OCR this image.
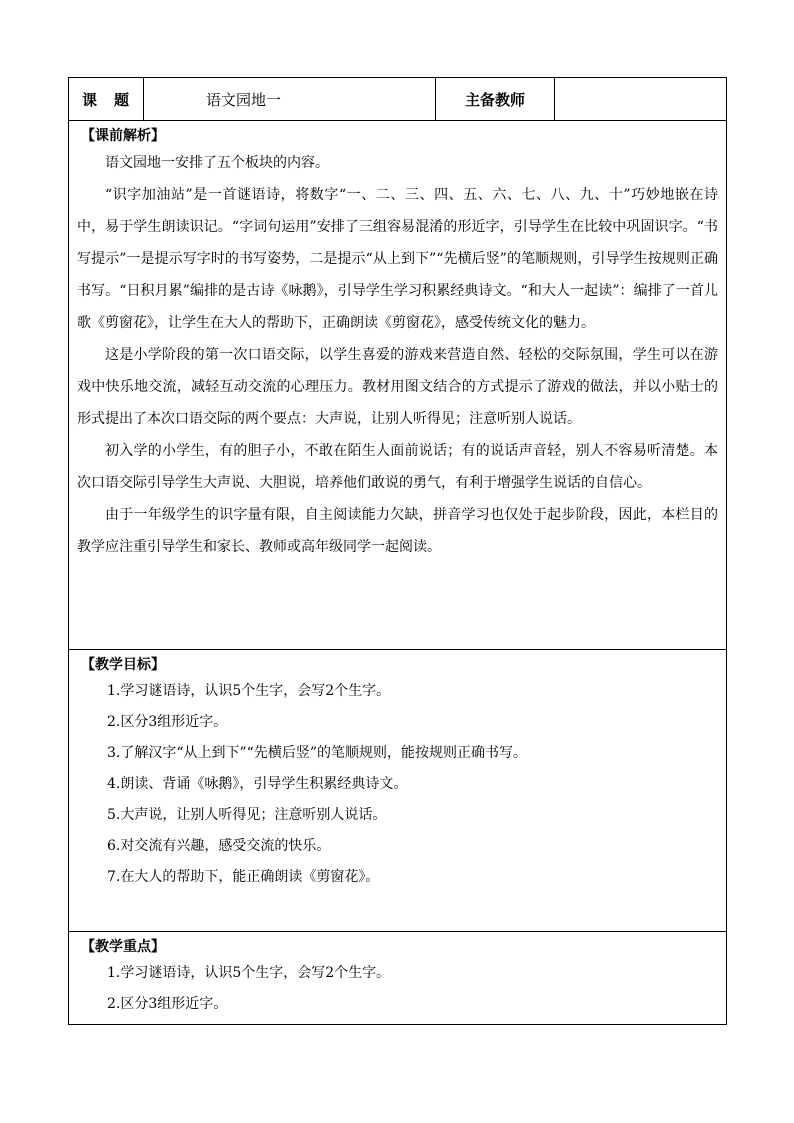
课 题	语文园地一	主备教师
【课前解析】

语文园地一安排了五个板块的内容。

“识字加油站”是一首谜语诗，将数字“一、二、三、四、五、六、七、八、九、十”巧妙地嵌在诗中，易于学生朗读识记。“字词句运用”安排了三组容易混淆的形近字，引导学生在比较中巩固识字。“书写提示”一是提示写字时的书写姿势，二是提示“从上到下”“先横后竖”的笔顺规则，引导学生按规则正确书写。“日积月累”编排的是古诗《咏鹅》，引导学生学习积累经典诗文。“和大人一起读”：编排了一首儿歌《剪窗花》，让学生在大人的帮助下，正确朗读《剪窗花》，感受传统文化的魅力。

这是小学阶段的第一次口语交际，以学生喜爱的游戏来营造自然、轻松的交际氛围，学生可以在游戏中快乐地交流，减轻互动交流的心理压力。教材用图文结合的方式提示了游戏的做法，并以小贴士的形式提出了本次口语交际的两个要点：大声说，让别人听得见；注意听别人说话。

初入学的小学生，有的胆子小，不敢在陌生人面前说话；有的说话声音轻，别人不容易听清楚。本次口语交际引导学生大声说、大胆说，培养他们敢说的勇气，有利于增强学生说话的自信心。

由于一年级学生的识字量有限，自主阅读能力欠缺，拼音学习也仅处于起步阶段，因此，本栏目的教学应注重引导学生和家长、教师或高年级同学一起阅读。

【教学目标】

1.学习谜语诗，认识5个生字，会写2个生字。

2.区分3组形近字。

3.了解汉字“从上到下”“先横后竖”的笔顺规则，能按规则正确书写。

4.朗读、背诵《咏鹅》，引导学生积累经典诗文。

5.大声说，让别人听得见；注意听别人说话。

6.对交流有兴趣，感受交流的快乐。

7.在大人的帮助下，能正确朗读《剪窗花》。

【教学重点】

1.学习谜语诗，认识5个生字，会写2个生字。

2.区分3组形近字。
